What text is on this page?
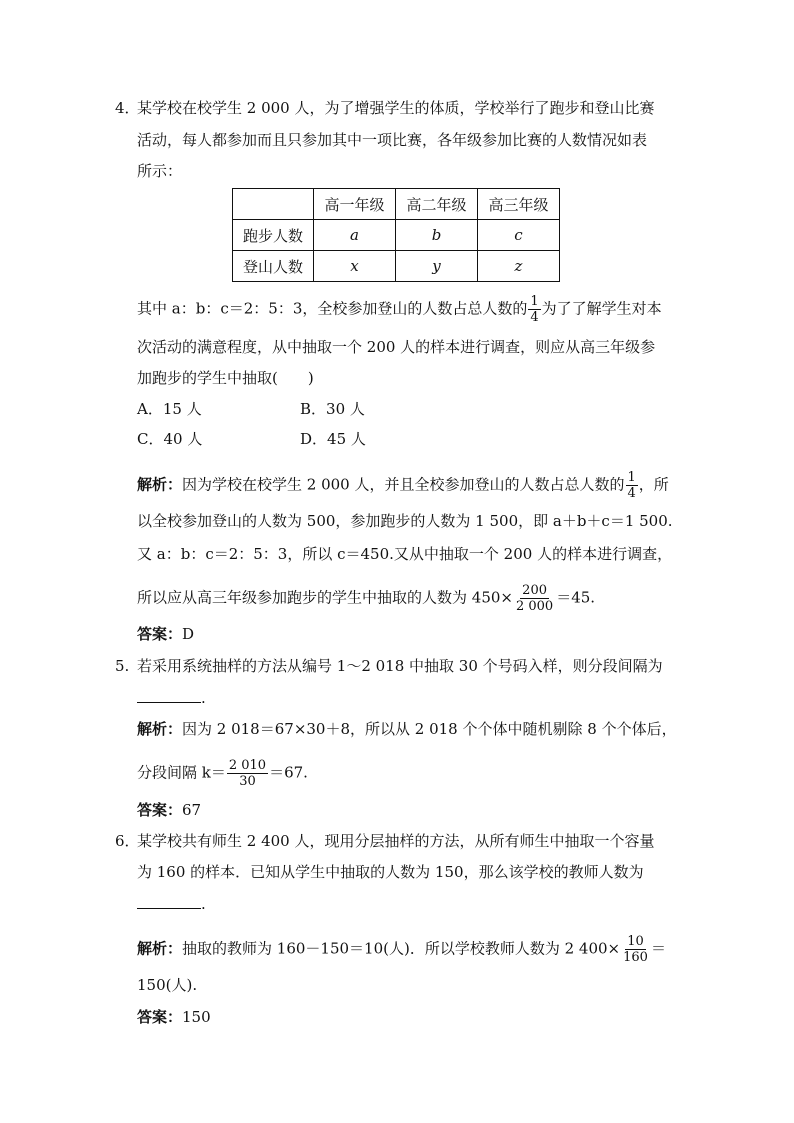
4．
某学校在校学生 2 000 人，为了增强学生的体质，学校举行了跑步和登山比赛
活动，每人都参加而且只参加其中一项比赛，各年级参加比赛的人数情况如表
所示：
	高一年级	高二年级	高三年级
跑步人数	a	b	c
登山人数	x	y	z
其中 a：b：c＝2：5：3，全校参加登山的人数占总人数的 $\frac{1}{4}$ 为了了解学生对本
次活动的满意程度，从中抽取一个 200 人的样本进行调查，则应从高三年级参
加跑步的学生中抽取(　　)
A．15 人	B．30 人
C．40 人	D．45 人
解析：因为学校在校学生 2 000 人，并且全校参加登山的人数占总人数的 $\frac{1}{4}$ ，所
以全校参加登山的人数为 500，参加跑步的人数为 1 500，即 a＋b＋c＝1 500.
又 a：b：c＝2：5：3，所以 c＝450.又从中抽取一个 200 人的样本进行调查，
所以应从高三年级参加跑步的学生中抽取的人数为 $450\times \frac{200}{2 000} =45$.
答案：D
5. 若采用系统抽样的方法从编号 1～2 018 中抽取 30 个号码入样，则分段间隔为
.
解析：因为 2 018＝67×30＋8，所以从 2 018 个个体中随机剔除 8 个个体后，
分段间隔 $k= \frac{2 010}{30} =67$.
答案：67
6．
某学校共有师生 2 400 人，现用分层抽样的方法，从所有师生中抽取一个容量
为 160 的样本．已知从学生中抽取的人数为 150，那么该学校的教师人数为
.
解析：抽取的教师为 160－150＝10(人)．所以学校教师人数为 2 $400\times \frac{10}{160}$ ＝
150(人).
答案：150
